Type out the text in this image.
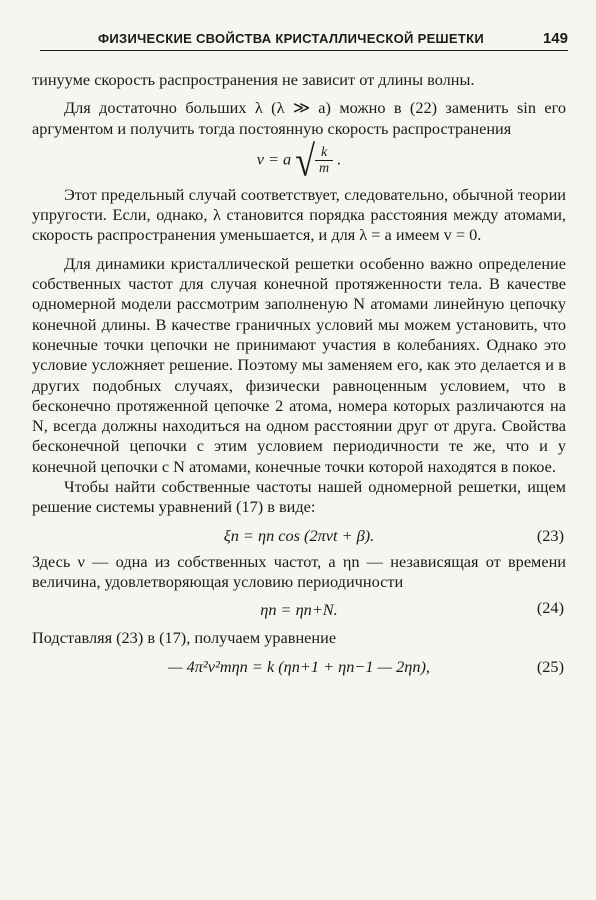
ФИЗИЧЕСКИЕ СВОЙСТВА КРИСТАЛЛИЧЕСКОЙ РЕШЕТКИ	149

тинууме скорость распространения не зависит от длины волны.

Для достаточно больших λ (λ ≫ a) можно в (22) заменить sin его аргументом и получить тогда постоянную скорость распространения

v = a √ $\frac{k}{m}$ .

Этот предельный случай соответствует, следовательно, обычной теории упругости. Если, однако, λ становится порядка расстояния между атомами, скорость распространения уменьшается, и для λ = a имеем v = 0.

Для динамики кристаллической решетки особенно важно определение собственных частот для случая конечной протяженности тела. В качестве одномерной модели рассмотрим заполненую N атомами линейную цепочку конечной длины. В качестве граничных условий мы можем установить, что конечные точки цепочки не принимают участия в колебаниях. Однако это условие усложняет решение. Поэтому мы заменяем его, как это делается и в других подобных случаях, физически равноценным условием, что в бесконечно протяженной цепочке 2 атома, номера которых различаются на N, всегда должны находиться на одном расстоянии друг от друга. Свойства бесконечной цепочки с этим условием периодичности те же, что и у конечной цепочки с N атомами, конечные точки которой находятся в покое.

Чтобы найти собственные частоты нашей одномерной решетки, ищем решение системы уравнений (17) в виде:

ξn = ηn cos (2πνt + β).	(23)

Здесь ν — одна из собственных частот, а ηn — независящая от времени величина, удовлетворяющая условию периодичности

ηn = ηn+N.	(24)

Подставляя (23) в (17), получаем уравнение

— 4π²ν²mηn = k (ηn+1 + ηn−1 — 2ηn),	(25)
